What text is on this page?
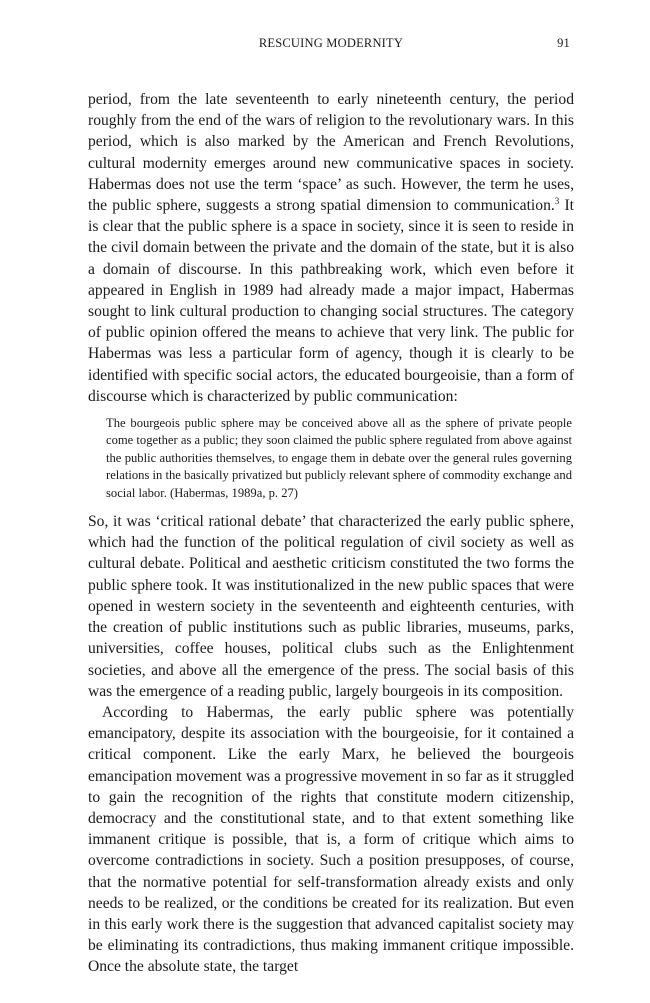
RESCUING MODERNITY	91

period, from the late seventeenth to early nineteenth century, the period roughly from the end of the wars of religion to the revolutionary wars. In this period, which is also marked by the American and French Revolutions, cultural modernity emerges around new communicative spaces in society. Habermas does not use the term ‘space’ as such. However, the term he uses, the public sphere, suggests a strong spatial dimension to communication.$^3$ It is clear that the public sphere is a space in society, since it is seen to reside in the civil domain between the private and the domain of the state, but it is also a domain of discourse. In this pathbreaking work, which even before it appeared in English in 1989 had already made a major impact, Habermas sought to link cultural production to changing social structures. The category of public opinion offered the means to achieve that very link. The public for Habermas was less a particular form of agency, though it is clearly to be identified with specific social actors, the educated bourgeoisie, than a form of discourse which is characterized by public communication:

The bourgeois public sphere may be conceived above all as the sphere of private people come together as a public; they soon claimed the public sphere regulated from above against the public authorities themselves, to engage them in debate over the general rules governing relations in the basically privatized but publicly relevant sphere of commodity exchange and social labor. (Habermas, 1989a, p. 27)

So, it was ‘critical rational debate’ that characterized the early public sphere, which had the function of the political regulation of civil society as well as cultural debate. Political and aesthetic criticism constituted the two forms the public sphere took. It was institutionalized in the new public spaces that were opened in western society in the seventeenth and eighteenth centuries, with the creation of public institutions such as public libraries, museums, parks, universities, coffee houses, political clubs such as the Enlightenment societies, and above all the emergence of the press. The social basis of this was the emergence of a reading public, largely bourgeois in its composition.

According to Habermas, the early public sphere was potentially emancipatory, despite its association with the bourgeoisie, for it contained a critical component. Like the early Marx, he believed the bourgeois emancipation movement was a progressive movement in so far as it struggled to gain the recognition of the rights that constitute modern citizenship, democracy and the constitutional state, and to that extent something like immanent critique is possible, that is, a form of critique which aims to overcome contradictions in society. Such a position presupposes, of course, that the normative potential for self-transformation already exists and only needs to be realized, or the conditions be created for its realization. But even in this early work there is the suggestion that advanced capitalist society may be eliminating its contradictions, thus making immanent critique impossible. Once the absolute state, the target
